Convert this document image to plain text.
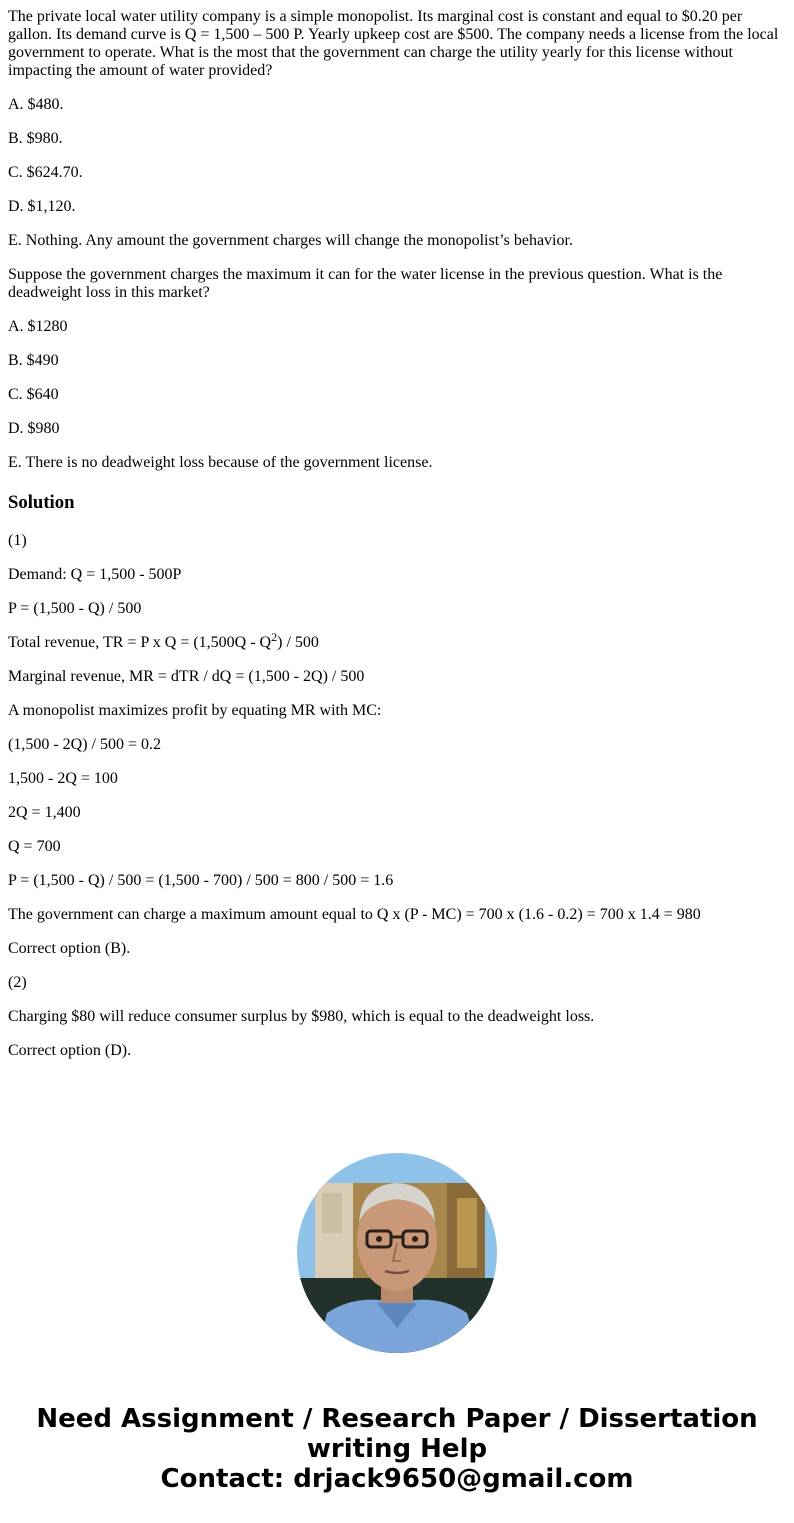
The private local water utility company is a simple monopolist. Its marginal cost is constant and equal to $0.20 per gallon. Its demand curve is Q = 1,500 – 500 P. Yearly upkeep cost are $500. The company needs a license from the local government to operate. What is the most that the government can charge the utility yearly for this license without impacting the amount of water provided?

A. $480.

B. $980.

C. $624.70.

D. $1,120.

E. Nothing. Any amount the government charges will change the monopolist’s behavior.

Suppose the government charges the maximum it can for the water license in the previous question. What is the deadweight loss in this market?

A. $1280

B. $490

C. $640

D. $980

E. There is no deadweight loss because of the government license.

Solution

(1)

Demand: Q = 1,500 - 500P

P = (1,500 - Q) / 500

Total revenue, TR = P x $Q = (1,500Q - Q^2) / 500$

Marginal revenue, MR = dTR / dQ = (1,500 - 2Q) / 500

A monopolist maximizes profit by equating MR with MC:

(1,500 - 2Q) / 500 = 0.2

1,500 - 2Q = 100

2Q = 1,400

Q = 700

P = (1,500 - Q) / 500 = (1,500 - 700) / 500 = 800 / 500 = 1.6

The government can charge a maximum amount equal to Q x (P - MC) = 700 x (1.6 - 0.2) = 700 x 1.4 = 980

Correct option (B).

(2)

Charging $80 will reduce consumer surplus by $980, which is equal to the deadweight loss.

Correct option (D).

Need Assignment / Research Paper / Dissertation
writing Help
Contact: drjack9650@gmail.com
